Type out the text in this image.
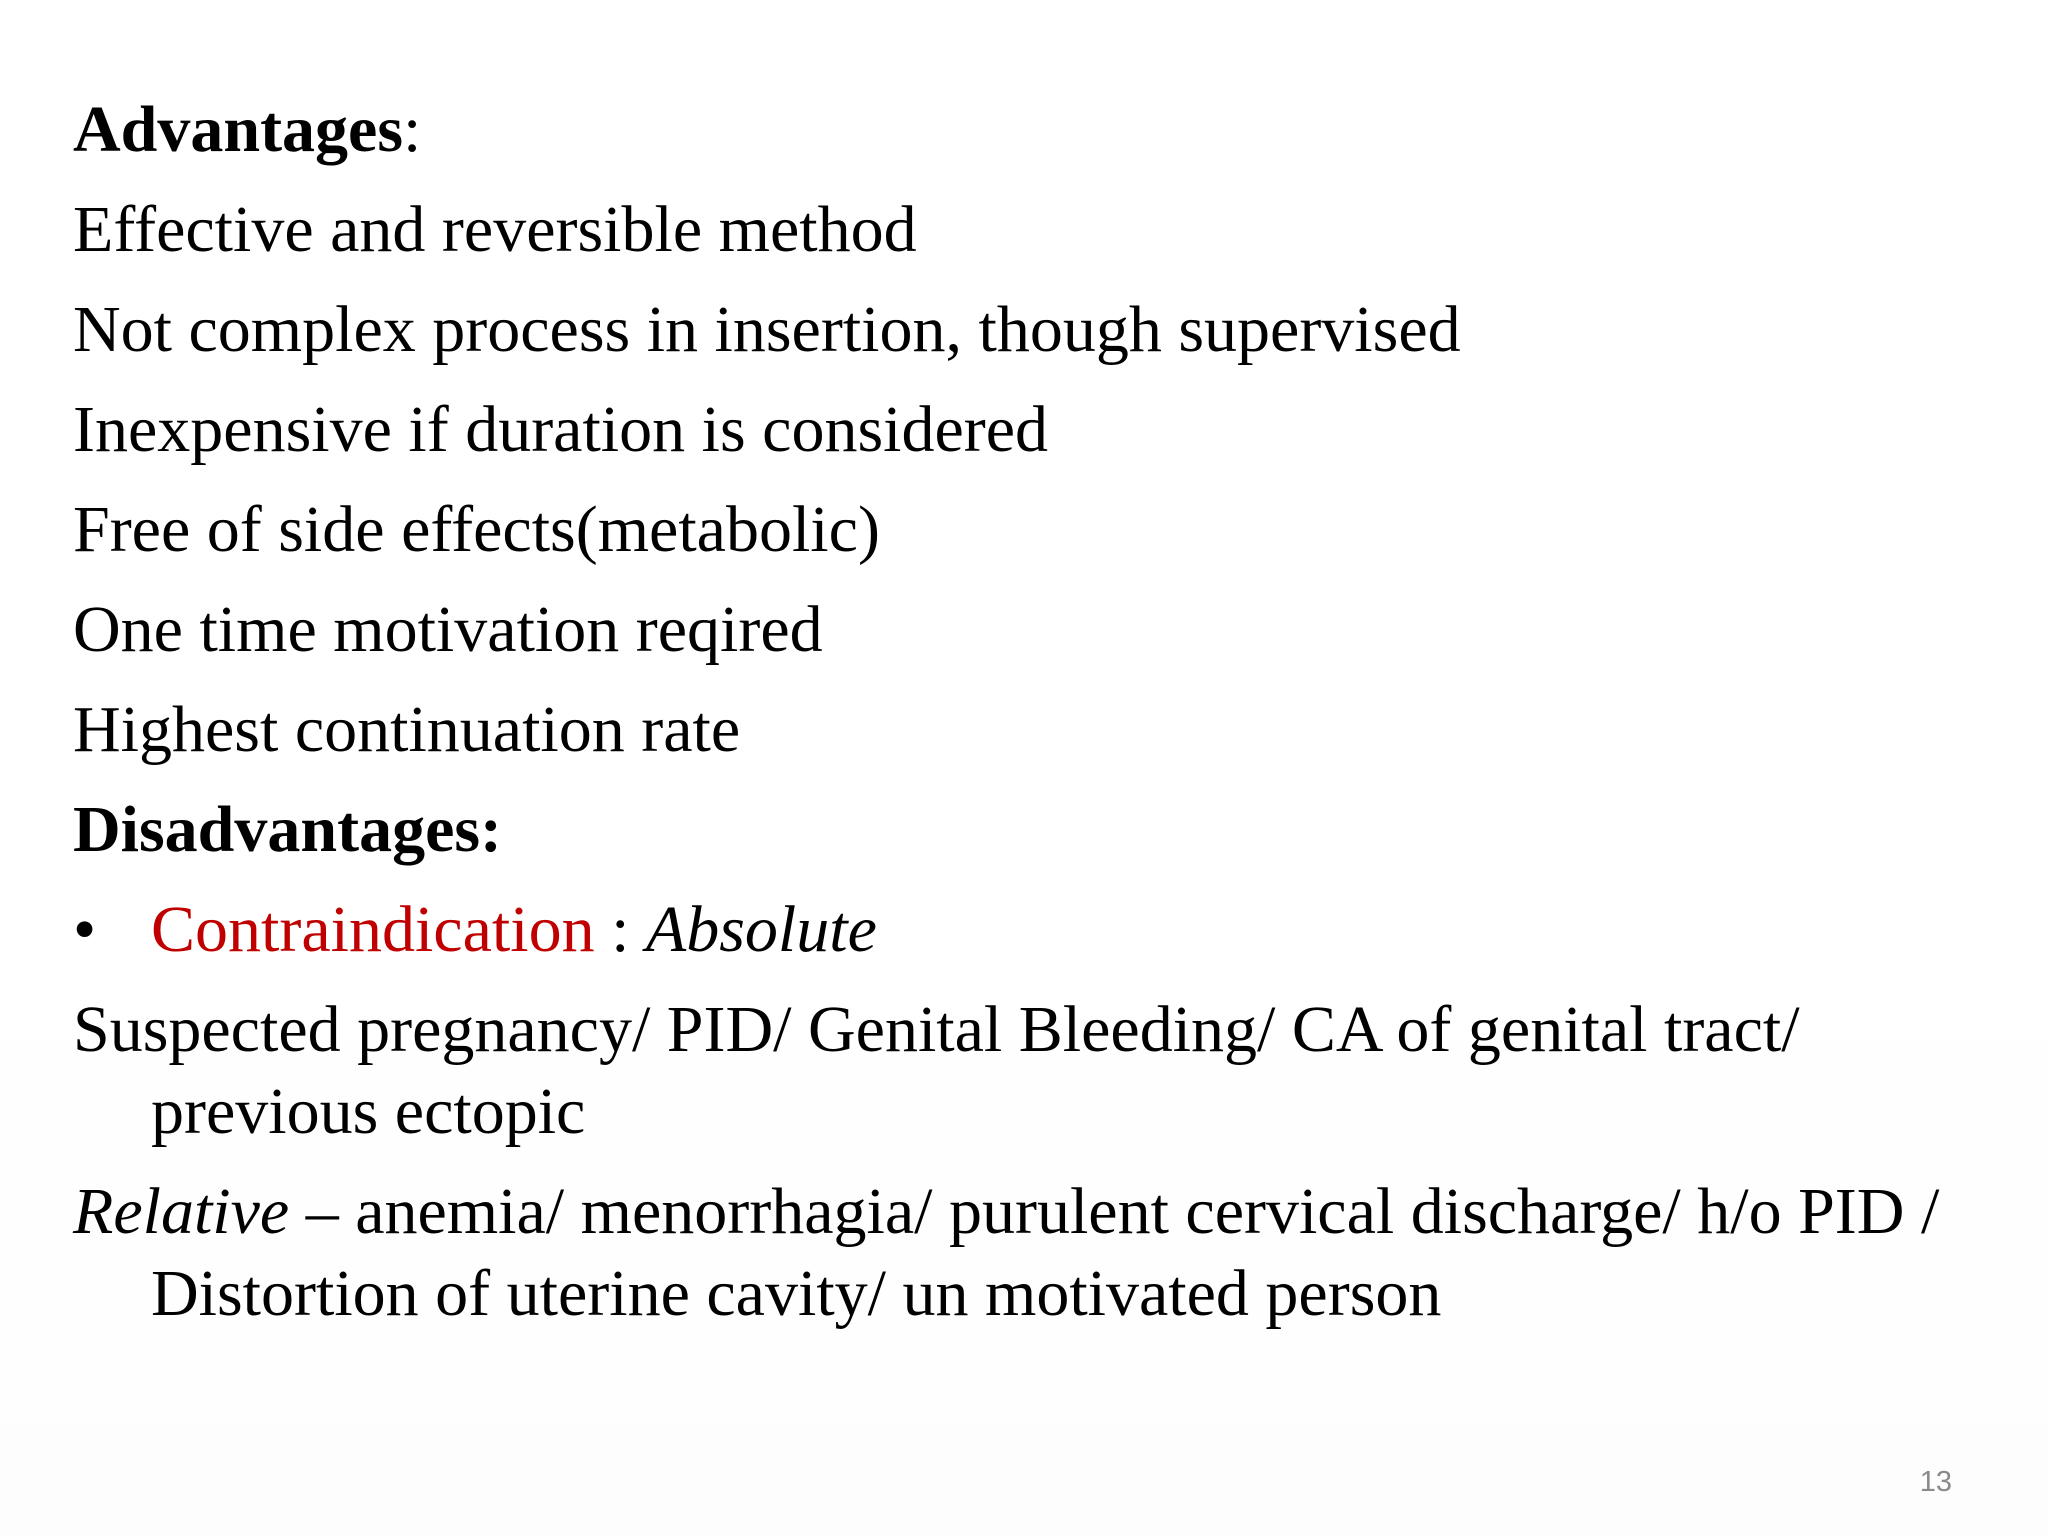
Advantages:
Effective and reversible method
Not complex process in insertion, though supervised
Inexpensive if duration is considered
Free of side effects(metabolic)
One time motivation reqired
Highest continuation rate
Disadvantages:
• Contraindication : Absolute
Suspected pregnancy/ PID/ Genital Bleeding/ CA of genital tract/ previous ectopic
Relative – anemia/ menorrhagia/ purulent cervical discharge/ h/o PID / Distortion of uterine cavity/ un motivated person
13
